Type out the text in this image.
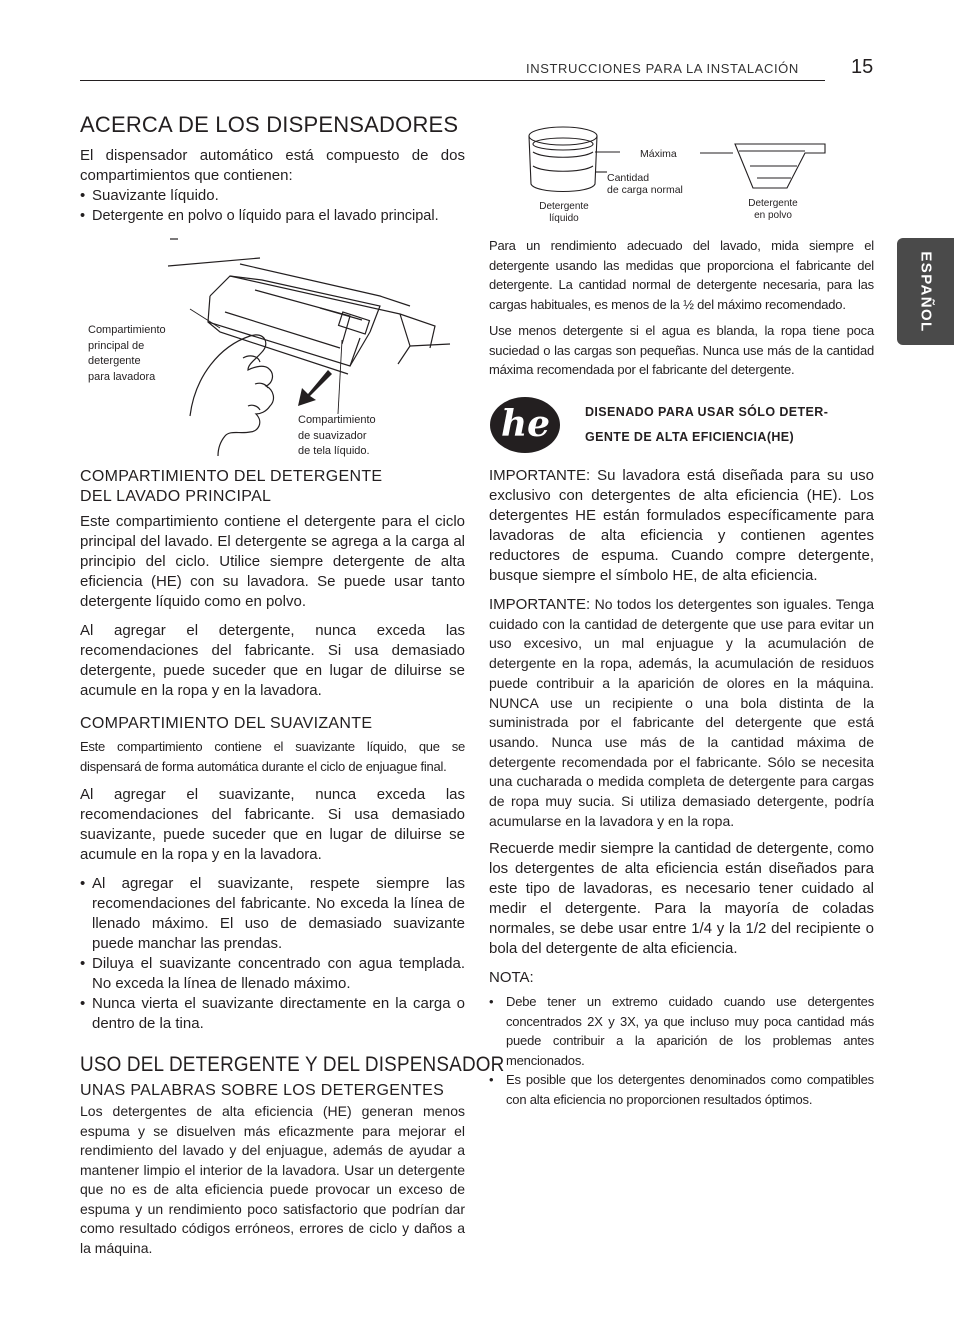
INSTRUCCIONES PARA LA INSTALACIÓN	15
ESPAÑOL
ACERCA DE LOS DISPENSADORES

El dispensador automático está compuesto de dos compartimientos que contienen:

• Suavizante líquido.
• Detergente en polvo o líquido para el lavado principal.
Compartimiento
principal de
detergente
para lavadora
Compartimiento
de suavizador
de tela líquido.
COMPARTIMIENTO DEL DETERGENTE
DEL LAVADO PRINCIPAL

Este compartimiento contiene el detergente para el ciclo principal del lavado. El detergente se agrega a la carga al principio del ciclo. Utilice siempre detergente de alta eficiencia (HE) con su lavadora. Se puede usar tanto detergente líquido como en polvo.

Al agregar el detergente, nunca exceda las recomendaciones del fabricante. Si usa demasiado detergente, puede suceder que en lugar de diluirse se acumule en la ropa y en la lavadora.

COMPARTIMIENTO DEL SUAVIZANTE

Este compartimiento contiene el suavizante líquido, que se dispensará de forma automática durante el ciclo de enjuague final.

Al agregar el suavizante, nunca exceda las recomendaciones del fabricante. Si usa demasiado suavizante, puede suceder que en lugar de diluirse se acumule en la ropa y en la lavadora.

• Al agregar el suavizante, respete siempre las recomendaciones del fabricante. No exceda la línea de llenado máximo. El uso de demasiado suavizante puede manchar las prendas.

• Diluya el suavizante concentrado con agua templada. No exceda la línea de llenado máximo.

• Nunca vierta el suavizante directamente en la carga o dentro de la tina.

USO DEL DETERGENTE Y DEL DISPENSADOR
UNAS PALABRAS SOBRE LOS DETERGENTES

Los detergentes de alta eficiencia (HE) generan menos espuma y se disuelven más eficazmente para mejorar el rendimiento del lavado y del enjuague, además de ayudar a mantener limpio el interior de la lavadora. Usar un detergente que no es de alta eficiencia puede provocar un exceso de espuma y un rendimiento poco satisfactorio que podrían dar como resultado códigos erróneos, errores de ciclo y daños a la máquina.

Máxima
Cantidad
de carga normal
Detergente
líquido
Detergente
en polvo

Para un rendimiento adecuado del lavado, mida siempre el detergente usando las medidas que proporciona el fabricante del detergente. La cantidad normal de detergente necesaria, para las cargas habituales, es menos de la ½ del máximo recomendado.

Use menos detergente si el agua es blanda, la ropa tiene poca suciedad o las cargas son pequeñas. Nunca use más de la cantidad máxima recomendada por el fabricante del detergente.

he	DISENADO PARA USAR SÓLO DETER-
GENTE DE ALTA EFICIENCIA(HE)

IMPORTANTE: Su lavadora está diseñada para su uso exclusivo con detergentes de alta eficiencia (HE). Los detergentes HE están formulados específicamente para lavadoras de alta eficiencia y contienen agentes reductores de espuma. Cuando compre detergente, busque siempre el símbolo HE, de alta eficiencia.

IMPORTANTE: No todos los detergentes son iguales. Tenga cuidado con la cantidad de detergente que use para evitar un uso excesivo, un mal enjuague y la acumulación de detergente en la ropa, además, la acumulación de residuos puede contribuir a la aparición de olores en la máquina. NUNCA use un recipiente o una bola distinta de la suministrada por el fabricante del detergente que está usando. Nunca use más de la cantidad máxima de detergente recomendada por el fabricante. Sólo se necesita una cucharada o medida completa de detergente para cargas de ropa muy sucia. Si utiliza demasiado detergente, podría acumularse en la lavadora y en la ropa.

Recuerde medir siempre la cantidad de detergente, como los detergentes de alta eficiencia están diseñados para este tipo de lavadoras, es necesario tener cuidado al medir el detergente. Para la mayoría de coladas normales, se debe usar entre 1/4 y la 1/2 del recipiente o bola del detergente de alta eficiencia.

NOTA:

• Debe tener un extremo cuidado cuando use detergentes concentrados 2X y 3X, ya que incluso muy poca cantidad más puede contribuir a la aparición de los problemas antes mencionados.

• Es posible que los detergentes denominados como compatibles con alta eficiencia no proporcionen resultados óptimos.
